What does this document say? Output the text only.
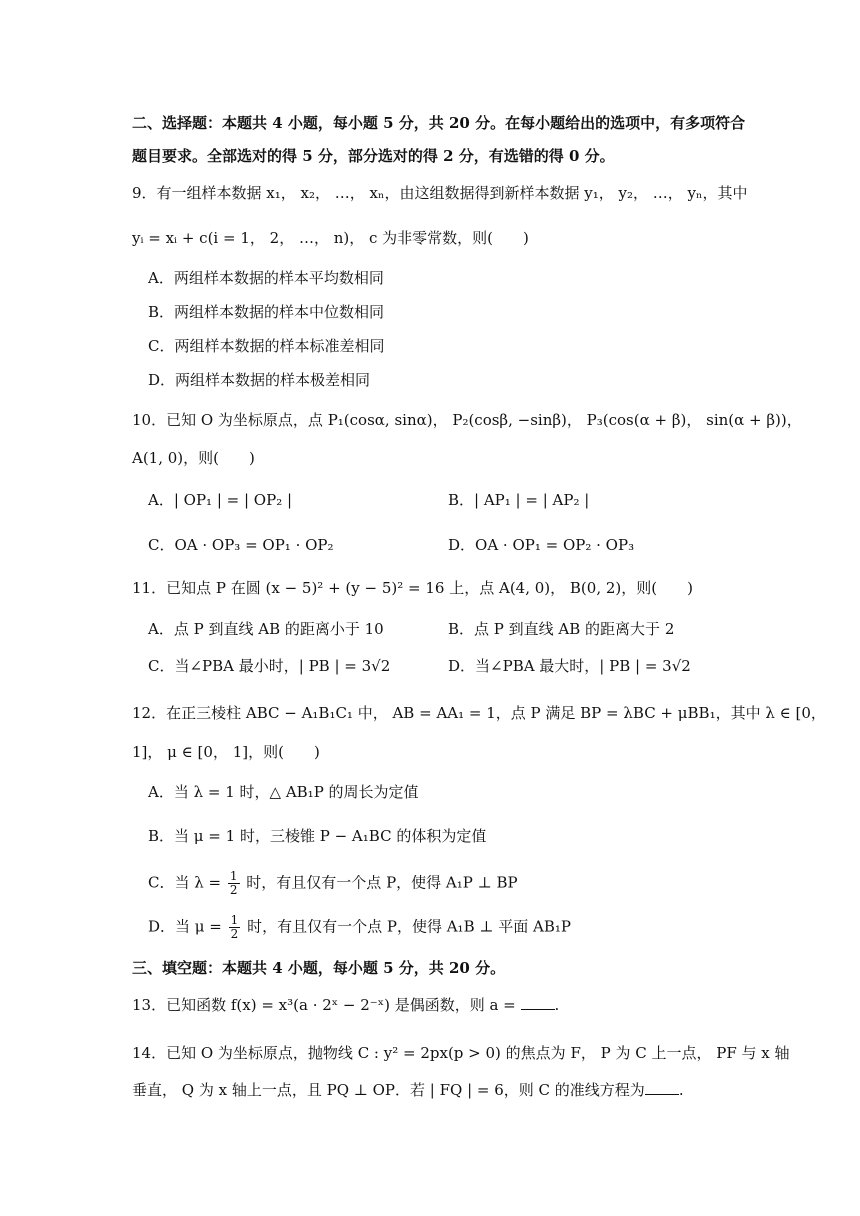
二、选择题：本题共 4 小题，每小题 5 分，共 20 分。在每小题给出的选项中，有多项符合
题目要求。全部选对的得 5 分，部分选对的得 2 分，有选错的得 0 分。
9．有一组样本数据 x₁， x₂， …， xₙ，由这组数据得到新样本数据 y₁， y₂， …， yₙ，其中
yᵢ = xᵢ + c(i = 1， 2， …， n)， c 为非零常数，则(　　)
A．两组样本数据的样本平均数相同
B．两组样本数据的样本中位数相同
C．两组样本数据的样本标准差相同
D．两组样本数据的样本极差相同
10．已知 O 为坐标原点，点 P₁(cosα, sinα)， P₂(cosβ, −sinβ)， P₃(cos(α + β)， sin(α + β))，
A(1, 0)，则(　　)
A．| OP₁ | = | OP₂ |	B．| AP₁ | = | AP₂ |
C．OA · OP₃ = OP₁ · OP₂	D．OA · OP₁ = OP₂ · OP₃
11．已知点 P 在圆 (x − 5)² + (y − 5)² = 16 上，点 A(4, 0)， B(0, 2)，则(　　)
A．点 P 到直线 AB 的距离小于 10	B．点 P 到直线 AB 的距离大于 2
C．当∠PBA 最小时，| PB | = 3√2	D．当∠PBA 最大时，| PB | = 3√2
12．在正三棱柱 ABC − A₁B₁C₁ 中， AB = AA₁ = 1，点 P 满足 BP = λBC + μBB₁，其中 λ ∈ [0，
1]， μ ∈ [0， 1]，则(　　)
A．当 λ = 1 时，△ AB₁P 的周长为定值
B．当 μ = 1 时，三棱锥 P − A₁BC 的体积为定值
C．当 $\lambda = \frac{1}{2}$ 时，有且仅有一个点 P，使得 A₁P ⊥ BP
D．当 $\mu = \frac{1}{2}$ 时，有且仅有一个点 P，使得 A₁B ⊥ 平面 AB₁P
三、填空题：本题共 4 小题，每小题 5 分，共 20 分。
13．已知函数 f(x) = x³(a · 2ˣ − 2⁻ˣ) 是偶函数，则 a =	.
14．已知 O 为坐标原点，抛物线 C : y² = 2px(p > 0) 的焦点为 F， P 为 C 上一点， PF 与 x 轴
垂直， Q 为 x 轴上一点，且 PQ ⊥ OP．若 | FQ | = 6，则 C 的准线方程为 .
